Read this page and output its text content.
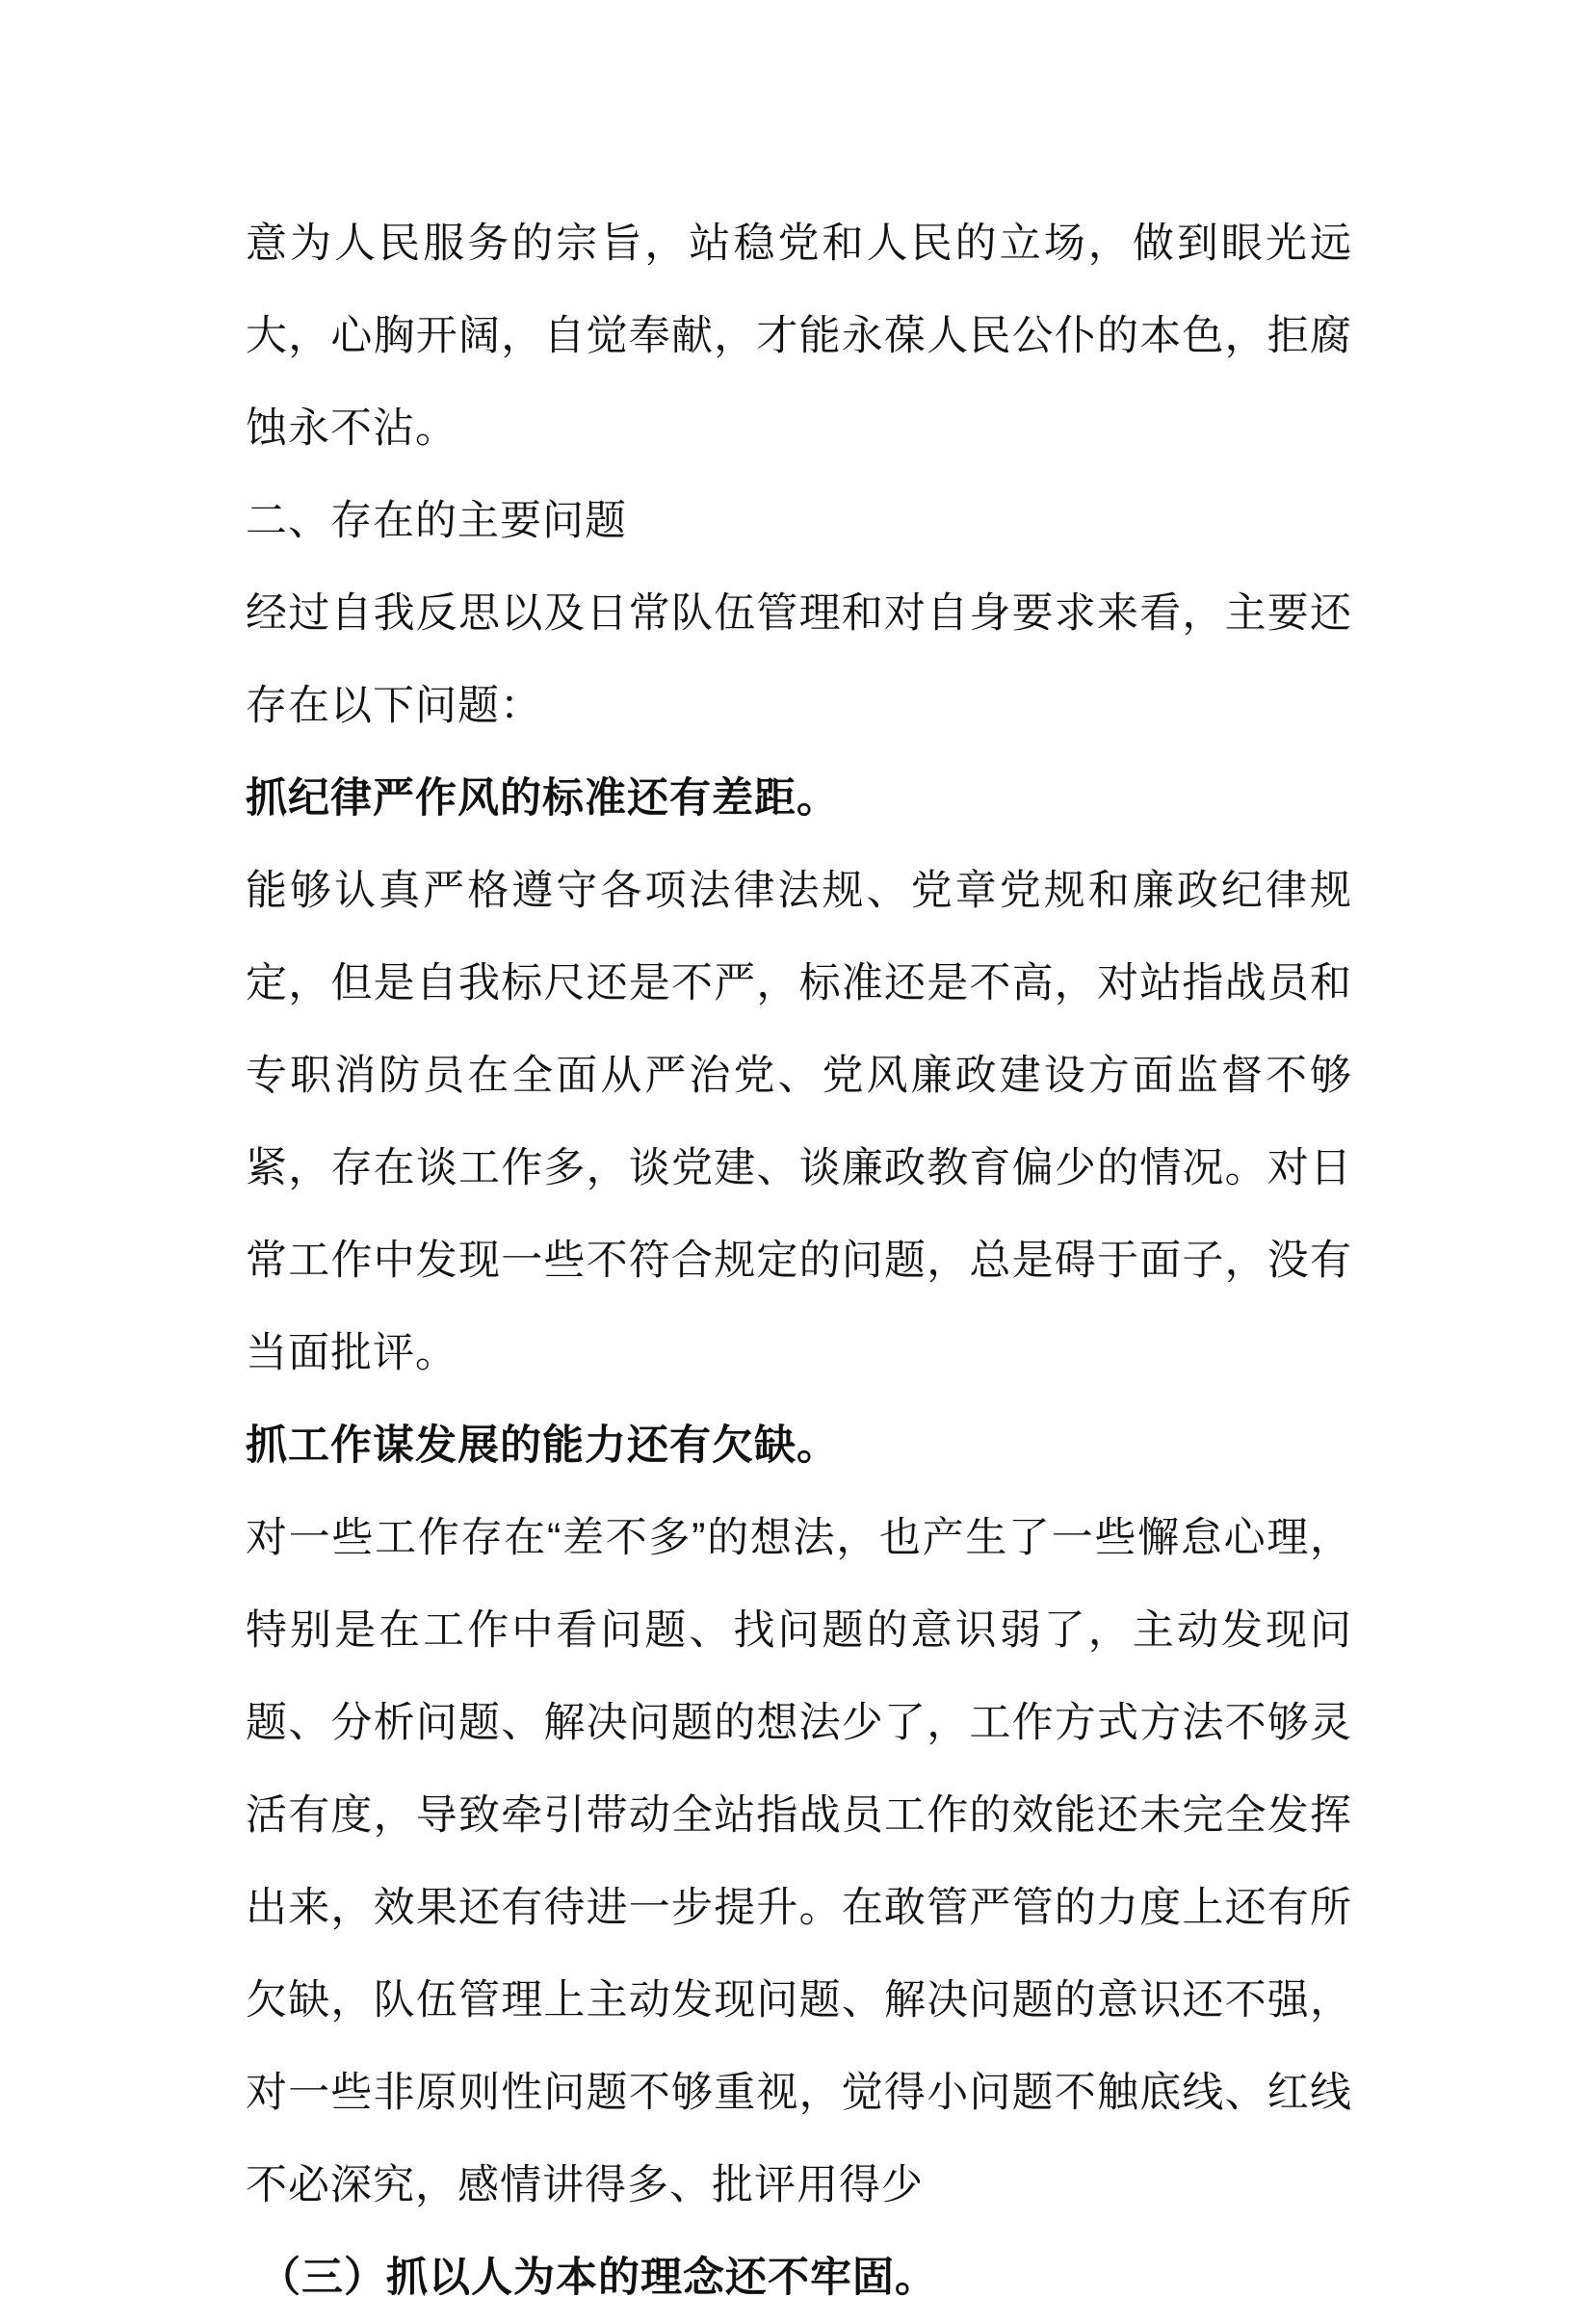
意为人民服务的宗旨，站稳党和人民的立场，做到眼光远大，心胸开阔，自觉奉献，才能永葆人民公仆的本色，拒腐蚀永不沾。

二、存在的主要问题

经过自我反思以及日常队伍管理和对自身要求来看，主要还存在以下问题：

抓纪律严作风的标准还有差距。

能够认真严格遵守各项法律法规、党章党规和廉政纪律规定，但是自我标尺还是不严，标准还是不高，对站指战员和专职消防员在全面从严治党、党风廉政建设方面监督不够紧，存在谈工作多，谈党建、谈廉政教育偏少的情况。对日常工作中发现一些不符合规定的问题，总是碍于面子，没有当面批评。

抓工作谋发展的能力还有欠缺。

对一些工作存在“差不多”的想法，也产生了一些懈怠心理，特别是在工作中看问题、找问题的意识弱了，主动发现问题、分析问题、解决问题的想法少了，工作方式方法不够灵活有度，导致牵引带动全站指战员工作的效能还未完全发挥出来，效果还有待进一步提升。在敢管严管的力度上还有所欠缺，队伍管理上主动发现问题、解决问题的意识还不强，对一些非原则性问题不够重视，觉得小问题不触底线、红线不必深究，感情讲得多、批评用得少

（三）抓以人为本的理念还不牢固。
